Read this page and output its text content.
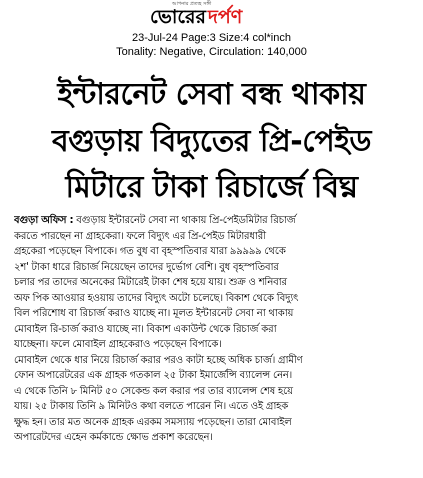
আপনার প্রত্যহ সঙ্গী
ভোরের দর্পণ
23-Jul-24 Page:3 Size:4 col*inch
Tonality: Negative, Circulation: 140,000
ইন্টারনেট সেবা বন্ধ থাকায়
বগুড়ায় বিদ্যুতের প্রি-পেইড
মিটারে টাকা রিচার্জে বিঘ্ন
বগুড়া অফিস : বগুড়ায় ইন্টারনেট সেবা না থাকায় প্রি-পেইডমিটার রিচার্জ
করতে পারছেন না গ্রাহকেরা। ফলে বিদ্যুৎ এর প্রি-পেইড মিটারধারী
গ্রহকেরা পড়েছেন বিপাকে। গত বুধ বা বৃহস্পতিবার যারা ৯৯৯৯৯ থেকে
২শ' টাকা ধারে রিচার্জ নিয়েছেন তাদের দুর্ভোগ বেশি। বুধ বৃহস্পতিবার
চলার পর তাদের অনেকের মিটারেই টাকা শেষ হয়ে যায়। শুক্র ও শনিবার
অফ পিক আওয়ার হওয়ায় তাদের বিদ্যুৎ অটো চলেছে। বিকাশ থেকে বিদ্যুৎ
বিল পরিশোধ বা রিচার্জ করাও যাচ্ছে না। মূলত ইন্টারনেট সেবা না থাকায়
মোবাইল রি-চার্জ করাও যাচ্ছে না। বিকাশ একাউন্ট থেকে রিচার্জ করা
যাচ্ছেনা। ফলে মোবাইল গ্রাহকেরাও পড়েছেন বিপাকে।
মোবাইল থেকে ধার নিয়ে রিচার্জ করার পরও কাটা হচ্ছে অধিক চার্জ। গ্রামীণ
ফোন অপারেটরের এক গ্রাহক গতকাল ২৫ টাকা ইমার্জেন্সি ব্যালেন্স নেন।
এ থেকে তিনি ৮ মিনিট ৫০ সেকেন্ড কল করার পর তার ব্যালেন্স শেষ হয়ে
যায়। ২৫ টাকায় তিনি ৯ মিনিটও কথা বলতে পারেন নি। এতে ওই গ্রাহক
ক্ষুদ্ধ হন। তার মত অনেক গ্রাহক এরকম সমস্যায় পড়েছেন। তারা মোবাইল
অপারেটদের এহেন কর্মকান্ডে ক্ষোভ প্রকাশ করেছেন।
